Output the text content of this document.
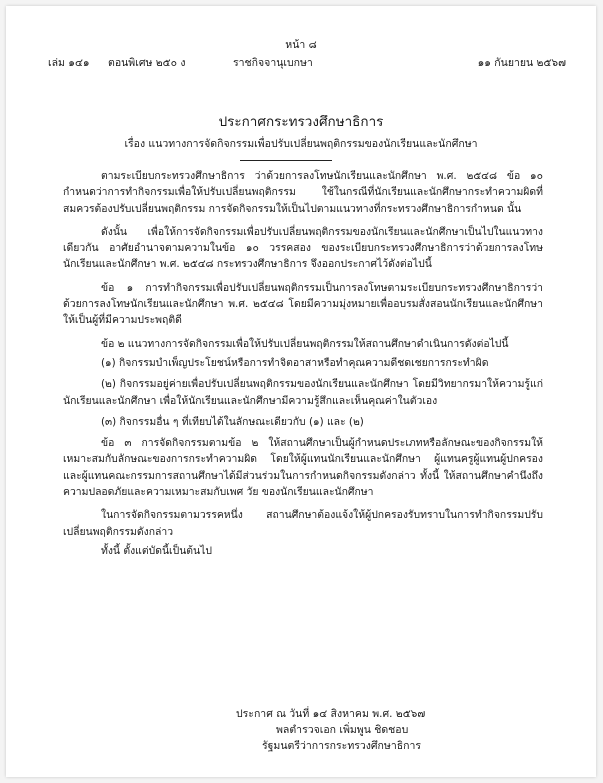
หน้า ๘
เล่ม ๑๔๑ ตอนพิเศษ ๒๕๐ ง	ราชกิจจานุเบกษา	๑๑ กันยายน ๒๕๖๗
ประกาศกระทรวงศึกษาธิการ
เรื่อง แนวทางการจัดกิจกรรมเพื่อปรับเปลี่ยนพฤติกรรมของนักเรียนและนักศึกษา

ตามระเบียบกระทรวงศึกษาธิการ ว่าด้วยการลงโทษนักเรียนและนักศึกษา พ.ศ. ๒๕๔๘ ข้อ ๑๐ กำหนดว่าการทำกิจกรรมเพื่อให้ปรับเปลี่ยนพฤติกรรม ใช้ในกรณีที่นักเรียนและนักศึกษากระทำความผิดที่สมควรต้องปรับเปลี่ยนพฤติกรรม การจัดกิจกรรมให้เป็นไปตามแนวทางที่กระทรวงศึกษาธิการกำหนด นั้น

ดังนั้น เพื่อให้การจัดกิจกรรมเพื่อปรับเปลี่ยนพฤติกรรมของนักเรียนและนักศึกษาเป็นไปในแนวทางเดียวกัน อาศัยอำนาจตามความในข้อ ๑๐ วรรคสอง ของระเบียบกระทรวงศึกษาธิการว่าด้วยการลงโทษนักเรียนและนักศึกษา พ.ศ. ๒๕๔๘ กระทรวงศึกษาธิการ จึงออกประกาศไว้ดังต่อไปนี้

ข้อ ๑ การทำกิจกรรมเพื่อปรับเปลี่ยนพฤติกรรมเป็นการลงโทษตามระเบียบกระทรวงศึกษาธิการว่าด้วยการลงโทษนักเรียนและนักศึกษา พ.ศ. ๒๕๔๘ โดยมีความมุ่งหมายเพื่ออบรมสั่งสอนนักเรียนและนักศึกษาให้เป็นผู้ที่มีความประพฤติดี

ข้อ ๒ แนวทางการจัดกิจกรรมเพื่อให้ปรับเปลี่ยนพฤติกรรมให้สถานศึกษาดำเนินการดังต่อไปนี้

(๑) กิจกรรมบำเพ็ญประโยชน์หรือการทำจิตอาสาหรือทำคุณความดีชดเชยการกระทำผิด

(๒) กิจกรรมอยู่ค่ายเพื่อปรับเปลี่ยนพฤติกรรมของนักเรียนและนักศึกษา โดยมีวิทยากรมาให้ความรู้แก่นักเรียนและนักศึกษา เพื่อให้นักเรียนและนักศึกษามีความรู้สึกและเห็นคุณค่าในตัวเอง

(๓) กิจกรรมอื่น ๆ ที่เทียบได้ในลักษณะเดียวกับ (๑) และ (๒)

ข้อ ๓ การจัดกิจกรรมตามข้อ ๒ ให้สถานศึกษาเป็นผู้กำหนดประเภทหรือลักษณะของกิจกรรมให้เหมาะสมกับลักษณะของการกระทำความผิด โดยให้ผู้แทนนักเรียนและนักศึกษา ผู้แทนครูผู้แทนผู้ปกครอง และผู้แทนคณะกรรมการสถานศึกษาได้มีส่วนร่วมในการกำหนดกิจกรรมดังกล่าว ทั้งนี้ ให้สถานศึกษาคำนึงถึงความปลอดภัยและความเหมาะสมกับเพศ วัย ของนักเรียนและนักศึกษา

ในการจัดกิจกรรมตามวรรคหนึ่ง สถานศึกษาต้องแจ้งให้ผู้ปกครองรับทราบในการทำกิจกรรมปรับเปลี่ยนพฤติกรรมดังกล่าว

ทั้งนี้ ตั้งแต่บัดนี้เป็นต้นไป

ประกาศ ณ วันที่ ๑๔ สิงหาคม พ.ศ. ๒๕๖๗
พลตำรวจเอก เพิ่มพูน ชิดชอบ
รัฐมนตรีว่าการกระทรวงศึกษาธิการ
